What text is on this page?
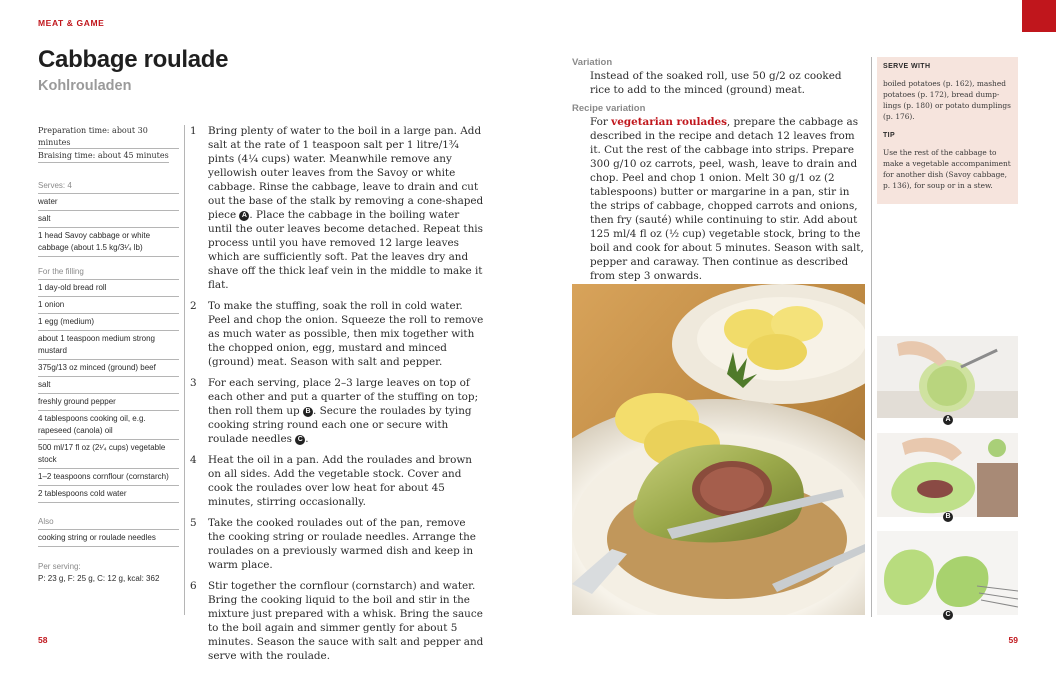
MEAT & GAME
Cabbage roulade
Kohlrouladen
Preparation time: about 30 minutes
Braising time: about 45 minutes
Serves: 4
water
salt
1 head Savoy cabbage or white cabbage (about 1.5 kg/3¹⁄₄ lb)
For the filling
1 day-old bread roll
1 onion
1 egg (medium)
about 1 teaspoon medium strong mustard
375g/13 oz minced (ground) beef
salt
freshly ground pepper
4 tablespoons cooking oil, e.g. rapeseed (canola) oil
500 ml/17 fl oz (2¹⁄₄ cups) vegetable stock
1–2 teaspoons cornflour (cornstarch)
2 tablespoons cold water
Also
cooking string or roulade needles
Per serving:
P: 23 g, F: 25 g, C: 12 g, kcal: 362
1 Bring plenty of water to the boil in a large pan. Add salt at the rate of 1 teaspoon salt per 1 litre/1¾ pints (4¼ cups) water. Meanwhile remove any yellowish outer leaves from the Savoy or white cabbage. Rinse the cabbage, leave to drain and cut out the base of the stalk by removing a cone-shaped piece A . Place the cabbage in the boiling water until the outer leaves become detached. Repeat this process until you have removed 12 large leaves which are sufficiently soft. Pat the leaves dry and shave off the thick leaf vein in the middle to make it flat.
2 To make the stuffing, soak the roll in cold water. Peel and chop the onion. Squeeze the roll to remove as much water as possible, then mix together with the chopped onion, egg, mustard and minced (ground) meat. Season with salt and pepper.
3 For each serving, place 2–3 large leaves on top of each other and put a quarter of the stuffing on top; then roll them up B . Secure the roulades by tying cooking string round each one or secure with roulade needles C .
4 Heat the oil in a pan. Add the roulades and brown on all sides. Add the vegetable stock. Cover and cook the roulades over low heat for about 45 minutes, stirring occasionally.
5 Take the cooked roulades out of the pan, remove the cooking string or roulade needles. Arrange the roulades on a previously warmed dish and keep in warm place.
6 Stir together the cornflour (cornstarch) and water. Bring the cooking liquid to the boil and stir in the mixture just prepared with a whisk. Bring the sauce to the boil again and simmer gently for about 5 minutes. Season the sauce with salt and pepper and serve with the roulade.
Variation
Instead of the soaked roll, use 50 g/2 oz cooked rice to add to the minced (ground) meat.
Recipe variation
For vegetarian roulades, prepare the cabbage as described in the recipe and detach 12 leaves from it. Cut the rest of the cabbage into strips. Prepare 300 g/10 oz carrots, peel, wash, leave to drain and chop. Peel and chop 1 onion. Melt 30 g/1 oz (2 tablespoons) butter or margarine in a pan, stir in the strips of cabbage, chopped carrots and onions, then fry (sauté) while continuing to stir. Add about 125 ml/4 fl oz (½ cup) vegetable stock, bring to the boil and cook for about 5 minutes. Season with salt, pepper and caraway. Then continue as described from step 3 onwards.
SERVE WITH
boiled potatoes (p. 162), mashed potatoes (p. 172), bread dumplings (p. 180) or potato dumplings (p. 176).
TIP
Use the rest of the cabbage to make a vegetable accompaniment for another dish (Savoy cabbage, p. 136), for soup or in a stew.
A
B
C
58	59
